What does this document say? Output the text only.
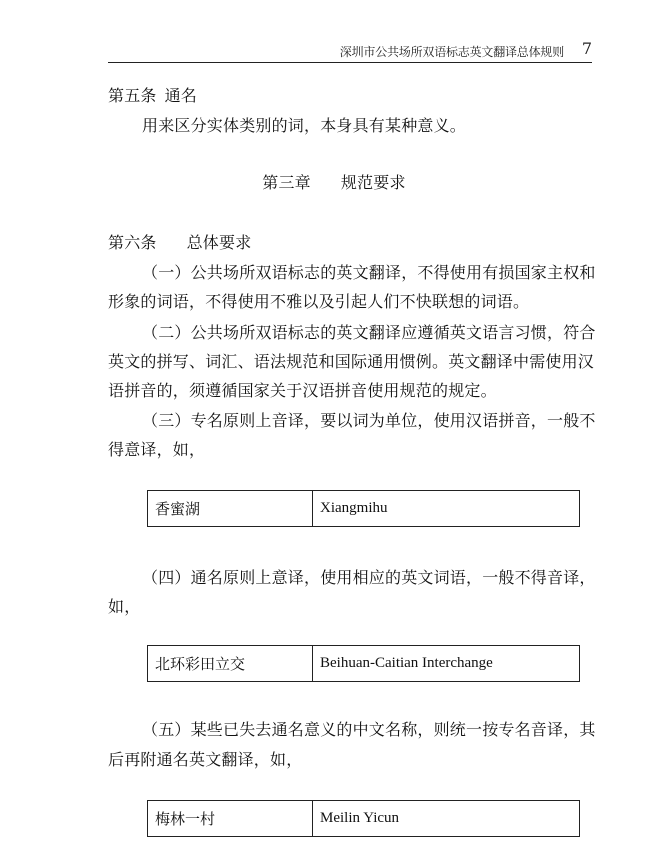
深圳市公共场所双语标志英文翻译总体规则 7
第五条 通名
用来区分实体类别的词，本身具有某种意义。
第三章 规范要求
第六条 总体要求
（一）公共场所双语标志的英文翻译，不得使用有损国家主权和
形象的词语，不得使用不雅以及引起人们不快联想的词语。
（二）公共场所双语标志的英文翻译应遵循英文语言习惯，符合
英文的拼写、词汇、语法规范和国际通用惯例。英文翻译中需使用汉
语拼音的，须遵循国家关于汉语拼音使用规范的规定。
（三）专名原则上音译，要以词为单位，使用汉语拼音，一般不
得意译，如，
香蜜湖	Xiangmihu
（四）通名原则上意译，使用相应的英文词语，一般不得音译，
如，
北环彩田立交	Beihuan-Caitian Interchange
（五）某些已失去通名意义的中文名称，则统一按专名音译，其
后再附通名英文翻译，如，
梅林一村	Meilin Yicun
